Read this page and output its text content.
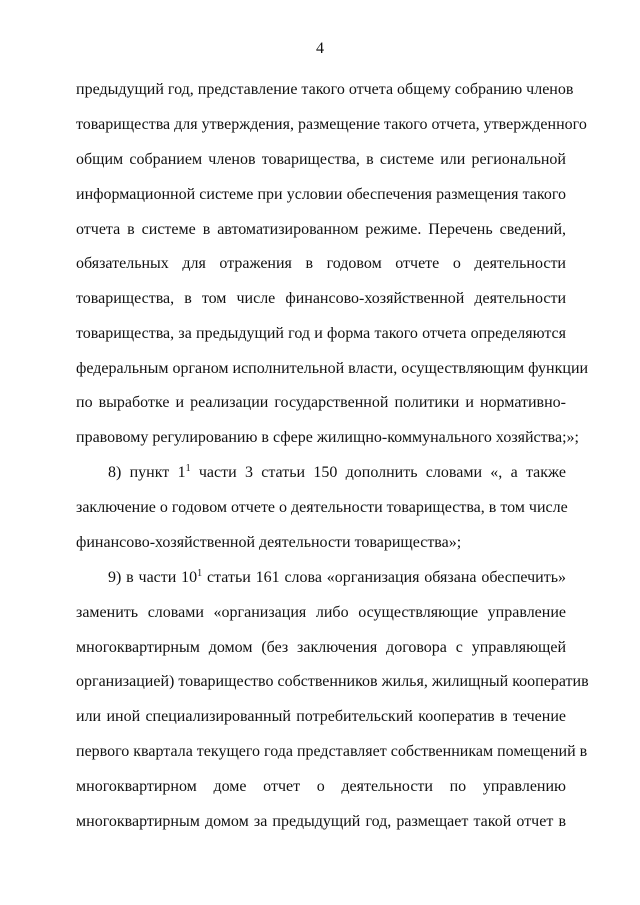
4
предыдущий год, представление такого отчета общему собранию членов
товарищества для утверждения, размещение такого отчета, утвержденного
общим собранием членов товарищества, в системе или региональной
информационной системе при условии обеспечения размещения такого
отчета в системе в автоматизированном режиме. Перечень сведений,
обязательных для отражения в годовом отчете о деятельности
товарищества, в том числе финансово-хозяйственной деятельности
товарищества, за предыдущий год и форма такого отчета определяются
федеральным органом исполнительной власти, осуществляющим функции
по выработке и реализации государственной политики и нормативно-
правовому регулированию в сфере жилищно-коммунального хозяйства;»;
8) пункт $1^1$ части 3 статьи 150 дополнить словами «, а также
заключение о годовом отчете о деятельности товарищества, в том числе
финансово-хозяйственной деятельности товарищества»;
9) в части $10^1$ статьи 161 слова «организация обязана обеспечить»
заменить словами «организация либо осуществляющие управление
многоквартирным домом (без заключения договора с управляющей
организацией) товарищество собственников жилья, жилищный кооператив
или иной специализированный потребительский кооператив в течение
первого квартала текущего года представляет собственникам помещений в
многоквартирном доме отчет о деятельности по управлению
многоквартирным домом за предыдущий год, размещает такой отчет в
